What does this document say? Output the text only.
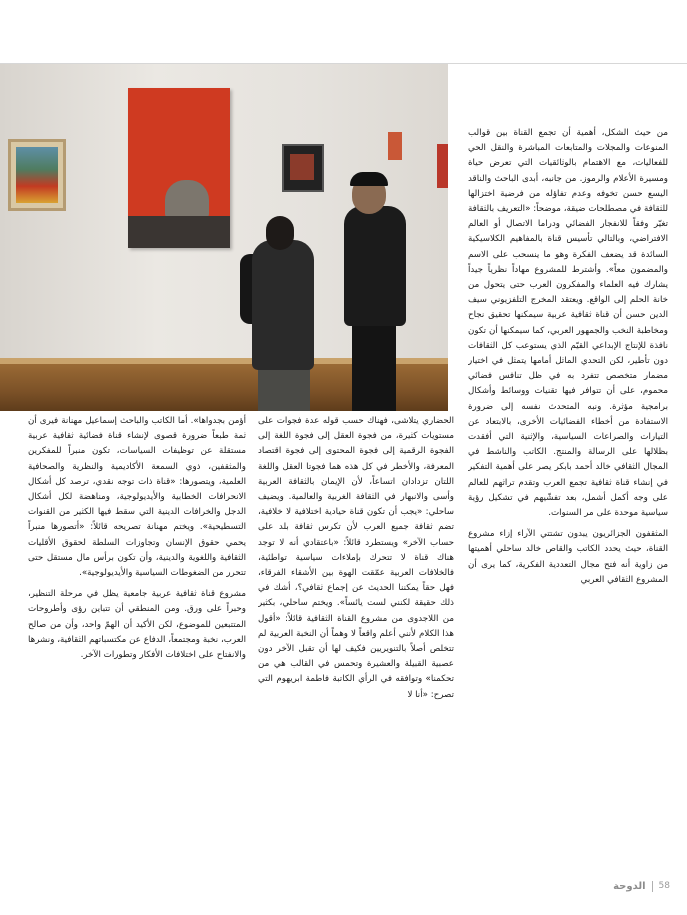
من حيث الشكل، أهمية أن تجمع القناة بين قوالب المنوعات والمجلات والمتابعات المباشرة والنقل الحي للفعاليات، مع الاهتمام بالوثائقيات التي تعرض حياة ومسيرة الأعلام والرموز. من جانبه، أبدى الباحث والناقد اليسع حسن تخوفه وعدم تفاؤله من فرضية اختزالها للثقافة في مصطلحات ضيقة، موضحاً: «التعريف بالثقافة تغيّر وفقاً للانفجار الفضائي ودراما الاتصال أو العالم الافتراضي، وبالتالي تأسيس قناة بالمفاهيم الكلاسيكية السائدة قد يضعف الفكرة وهو ما ينسحب على الاسم والمضمون معاً». وأشترط للمشروع مهاداً نظرياً جيداً يشارك فيه العلماء والمفكرون العرب حتى يتحول من خانة الحلم إلى الواقع. ويعتقد المخرج التلفزيوني سيف الدين حسن أن قناة ثقافية عربية سيمكنها تحقيق نجاح ومخاطبة النخب والجمهور العربي، كما سيمكنها أن تكون نافذة للإنتاج الإبداعي القيّم الذي يستوعب كل الثقافات دون تأطير، لكن التحدي الماثل أمامها يتمثل في اختيار مضمار متخصص تتفرد به في ظل تنافس فضائي محموم، على أن تتوافر فيها تقنيات ووسائط وأشكال برامجية مؤثرة. ونبه المتحدث نفسه إلى ضرورة الاستفادة من أخطاء الفضائيات الأخرى، بالابتعاد عن التيارات والصراعات السياسية، والإثنية التي أفقدت بظلالها على الرسالة والمنتج. الكاتب والناشط في المجال الثقافي خالد أحمد بابكر يصر على أهمية التفكير في إنشاء قناة ثقافية تجمع العرب وتقدم تراثهم للعالم على وجه أكمل أشمل، بعد تفشّيهم في تشكيل رؤية سياسية موحدة على مر السنوات.

المثقفون الجزائريون يبدون تشتتي الآراء إزاء مشروع القناة، حيث يحدد الكاتب والقاص خالد ساحلي أهميتها من زاوية أنه فتح مجال التعددية الفكرية، كما يرى أن المشروع الثقافي العربي

الحضاري يتلاشى، فهناك حسب قوله عدة فجوات على مستويات كثيرة، من فجوة العقل إلى فجوة اللغة إلى الفجوة الرقمية إلى فجوة المحتوى إلى فجوة اقتصاد المعرفة، والأخطر في كل هذه هما فجوتا العقل واللغة اللتان تزدادان اتساعاً، لأن الإيمان بالثقافة العربية وأسى والانبهار في الثقافة الغربية والعالمية. ويضيف ساحلي: «يجب أن تكون قناة حيادية اختلافية لا خلافية، تضم ثقافة جميع العرب لأن تكرس ثقافة بلد على حساب الآخر» ويستطرد قائلاً: «باعتقادي أنه لا توجد هناك قناة لا تتحرك بإملاءات سياسية تواطئية، فالخلافات العربية عمّقت الهوة بين الأشقاء الفرقاء، فهل حقاً يمكننا الحديث عن إجماع ثقافي؟، أشك في ذلك حقيقة لكنني لست يائساً». ويختم ساحلي، بكثير من اللاجدوى من مشروع القناة الثقافية قائلاً: «أقول هذا الكلام لأنني أعلم واقعاً لا وهماً أن النخبة العربية لم تتخلص أصلاً بالتنويريين فكيف لها أن تقبل الآخر دون عصبية القبيلة والعشيرة وتحمس في القالب هي من تحكمنا» وتوافقه في الرأي الكاتبة فاطمة ابريهوم التي تصرح: «أنا لا

أؤمن بجدواها». أما الكاتب والباحث إسماعيل مهنانة فيرى أن ثمة طبعاً ضرورة قصوى لإنشاء قناة فضائية ثقافية عربية مستقلة عن توظيفات السياسات، تكون منبراً للمفكرين والمثقفين، ذوي السمعة الأكاديمية والنظرية والصحافية العلمية، ويتصورها: «قناة ذات توجه نقدي، ترصد كل أشكال الانحرافات الخطابية والأيديولوجية، ومناهضة لكل أشكال الدجل والخرافات الدينية التي سقط فيها الكثير من القنوات التسطيحية». ويختم مهنانة تصريحه قائلاً: «أتصورها منبراً يحمي حقوق الإنسان وتجاوزات السلطة لحقوق الأقليات الثقافية واللغوية والدينية، وأن تكون برأس مال مستقل حتى تتحرر من الضغوطات السياسية والأيديولوجية».

مشروع قناة ثقافية عربية جامعية يظل في مرحلة التنظير، وحبراً على ورق. ومن المنطقي أن تتباين رؤى وأطروحات المتتبعين للموضوع، لكن الأكيد أن الهمّ واحد، وأن من صالح العرب، نخبة ومجتمعاً، الدفاع عن مكتسباتهم الثقافية، ونشرها والانفتاح على اختلافات الأفكار وتطورات الآخر.

الدوحة 58
